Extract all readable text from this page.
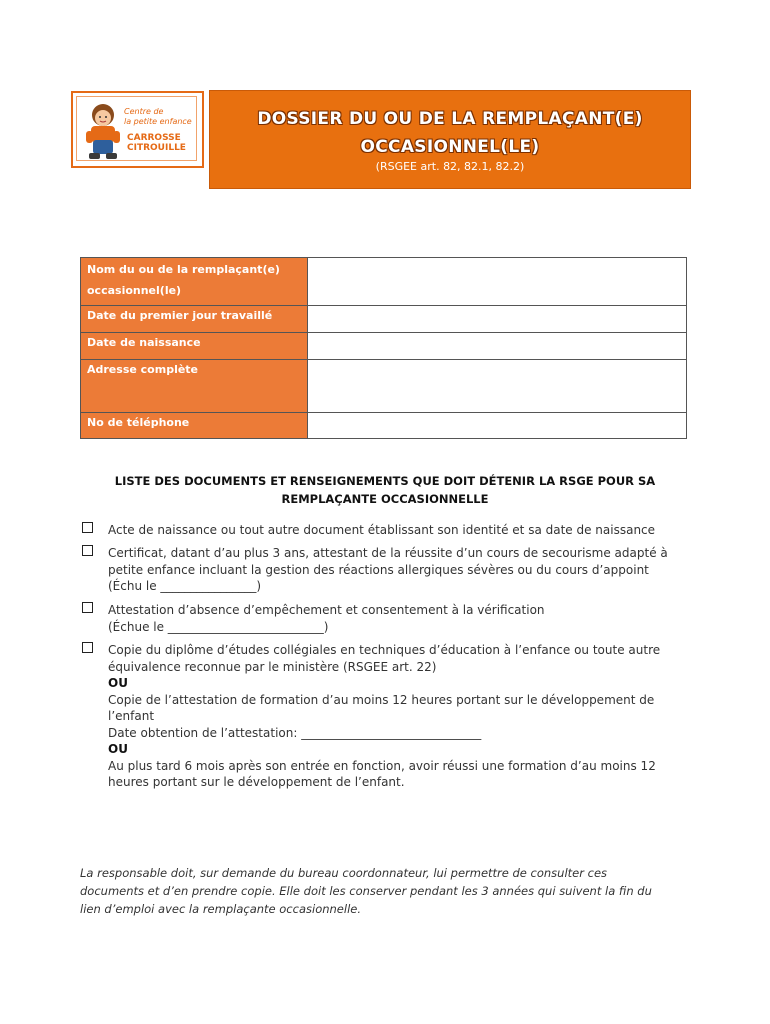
Centre de
la petite enfance
CARROSSE
CITROUILLE
DOSSIER DU OU DE LA REMPLAÇANT(E)
OCCASIONNEL(LE)
(RSGEE art. 82, 82.1, 82.2)
Nom du ou de la remplaçant(e)
occasionnel(le)	

Date du premier jour travaillé	
Date de naissance	
Adresse complète	
No de téléphone	
LISTE DES DOCUMENTS ET RENSEIGNEMENTS QUE DOIT DÉTENIR LA RSGE POUR SA
REMPLAÇANTE OCCASIONNELLE
Acte de naissance ou tout autre document établissant son identité et sa date de naissance
Certificat, datant d’au plus 3 ans, attestant de la réussite d’un cours de secourisme adapté à
petite enfance incluant la gestion des réactions allergiques sévères ou du cours d’appoint
(Échu le ________________)
Attestation d’absence d’empêchement et consentement à la vérification
(Échue le __________________________)
Copie du diplôme d’études collégiales en techniques d’éducation à l’enfance ou toute autre
équivalence reconnue par le ministère (RSGEE art. 22)
OU
Copie de l’attestation de formation d’au moins 12 heures portant sur le développement de
l’enfant
Date obtention de l’attestation: ______________________________
OU
Au plus tard 6 mois après son entrée en fonction, avoir réussi une formation d’au moins 12
heures portant sur le développement de l’enfant.
La responsable doit, sur demande du bureau coordonnateur, lui permettre de consulter ces
documents et d’en prendre copie. Elle doit les conserver pendant les 3 années qui suivent la fin du
lien d’emploi avec la remplaçante occasionnelle.
